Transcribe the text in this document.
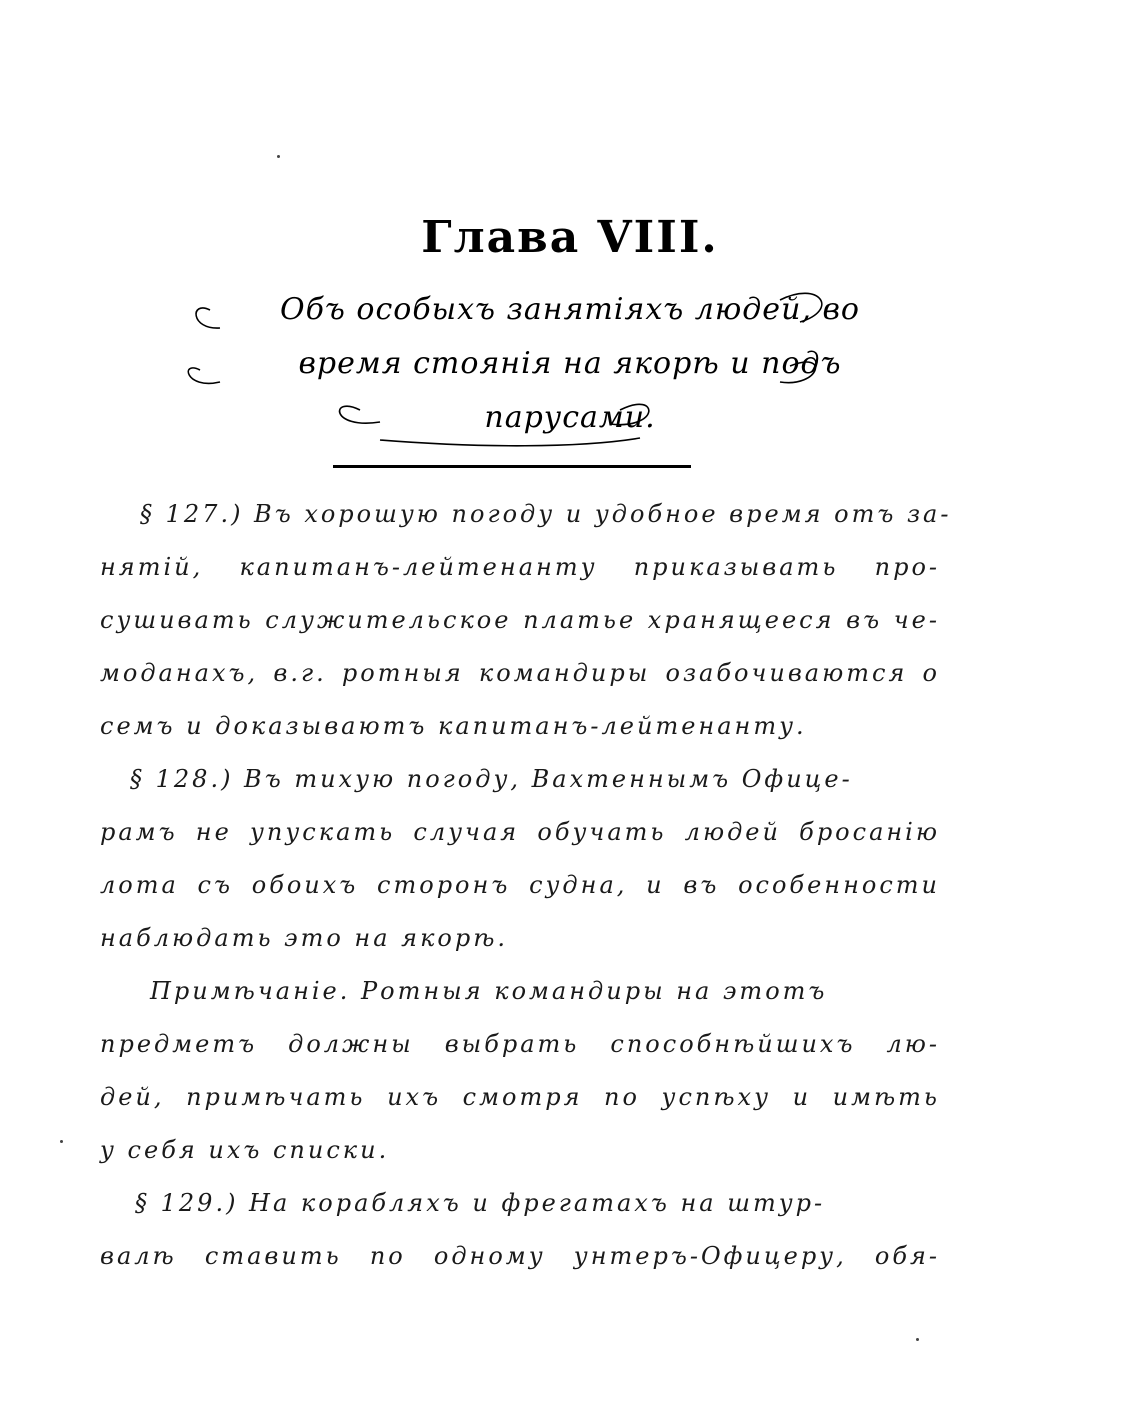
Глава VIII.
Объ особыхъ занятіяхъ людей, во
время стоянія на якорѣ и подъ
парусами.
§ 127.) Въ хорошую погоду и удобное время отъ за-
нятій, капитанъ-лейтенанту приказывать про-
сушивать служительское платье хранящееся въ че-
моданахъ, в.г. ротныя командиры озабочиваются о
семъ и доказываютъ капитанъ-лейтенанту.
§ 128.) Въ тихую погоду, Вахтеннымъ Офице-
рамъ не упускать случая обучать людей бросанію
лота съ обоихъ сторонъ судна, и въ особенности
наблюдать это на якорѣ.
Примѣчаніе. Ротныя командиры на этотъ
предметъ должны выбрать способнѣйшихъ лю-
дей, примѣчать ихъ смотря по успѣху и имѣть
у себя ихъ списки.
§ 129.) На корабляхъ и фрегатахъ на штур-
валѣ ставить по одному унтеръ-Офицеру, обя-
